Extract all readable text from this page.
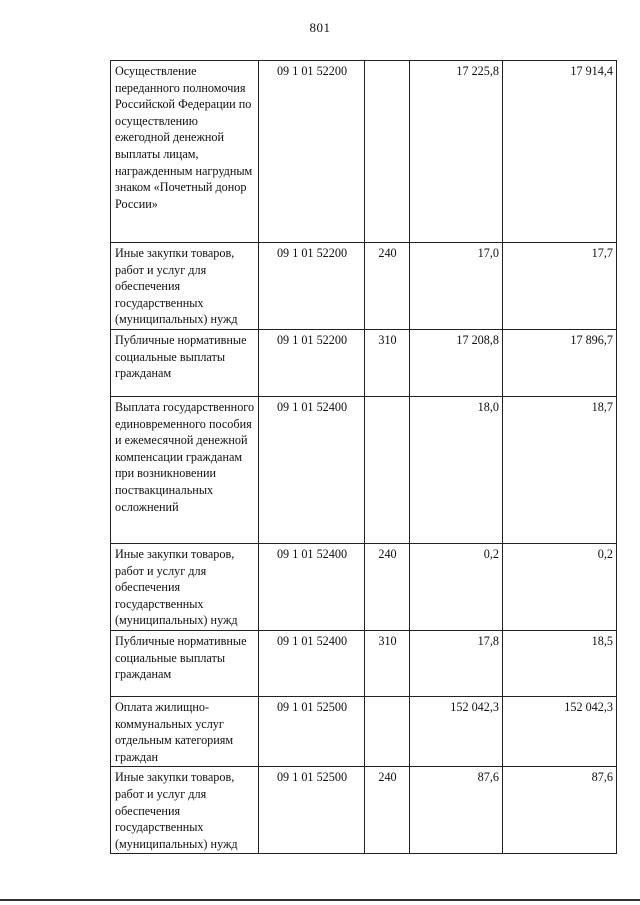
801
Осуществление переданного полномочия Российской Федерации по осуществлению ежегодной денежной выплаты лицам, награжденным нагрудным знаком «Почетный донор России»	09 1 01 52200		17 225,8	17 914,4
Иные закупки товаров, работ и услуг для обеспечения государственных (муниципальных) нужд	09 1 01 52200	240	17,0	17,7
Публичные нормативные социальные выплаты гражданам	09 1 01 52200	310	17 208,8	17 896,7
Выплата государственного единовременного пособия и ежемесячной денежной компенсации гражданам при возникновении поствакцинальных осложнений	09 1 01 52400		18,0	18,7
Иные закупки товаров, работ и услуг для обеспечения государственных (муниципальных) нужд	09 1 01 52400	240	0,2	0,2
Публичные нормативные социальные выплаты гражданам	09 1 01 52400	310	17,8	18,5
Оплата жилищно-коммунальных услуг отдельным категориям граждан	09 1 01 52500		152 042,3	152 042,3
Иные закупки товаров, работ и услуг для обеспечения государственных (муниципальных) нужд	09 1 01 52500	240	87,6	87,6
